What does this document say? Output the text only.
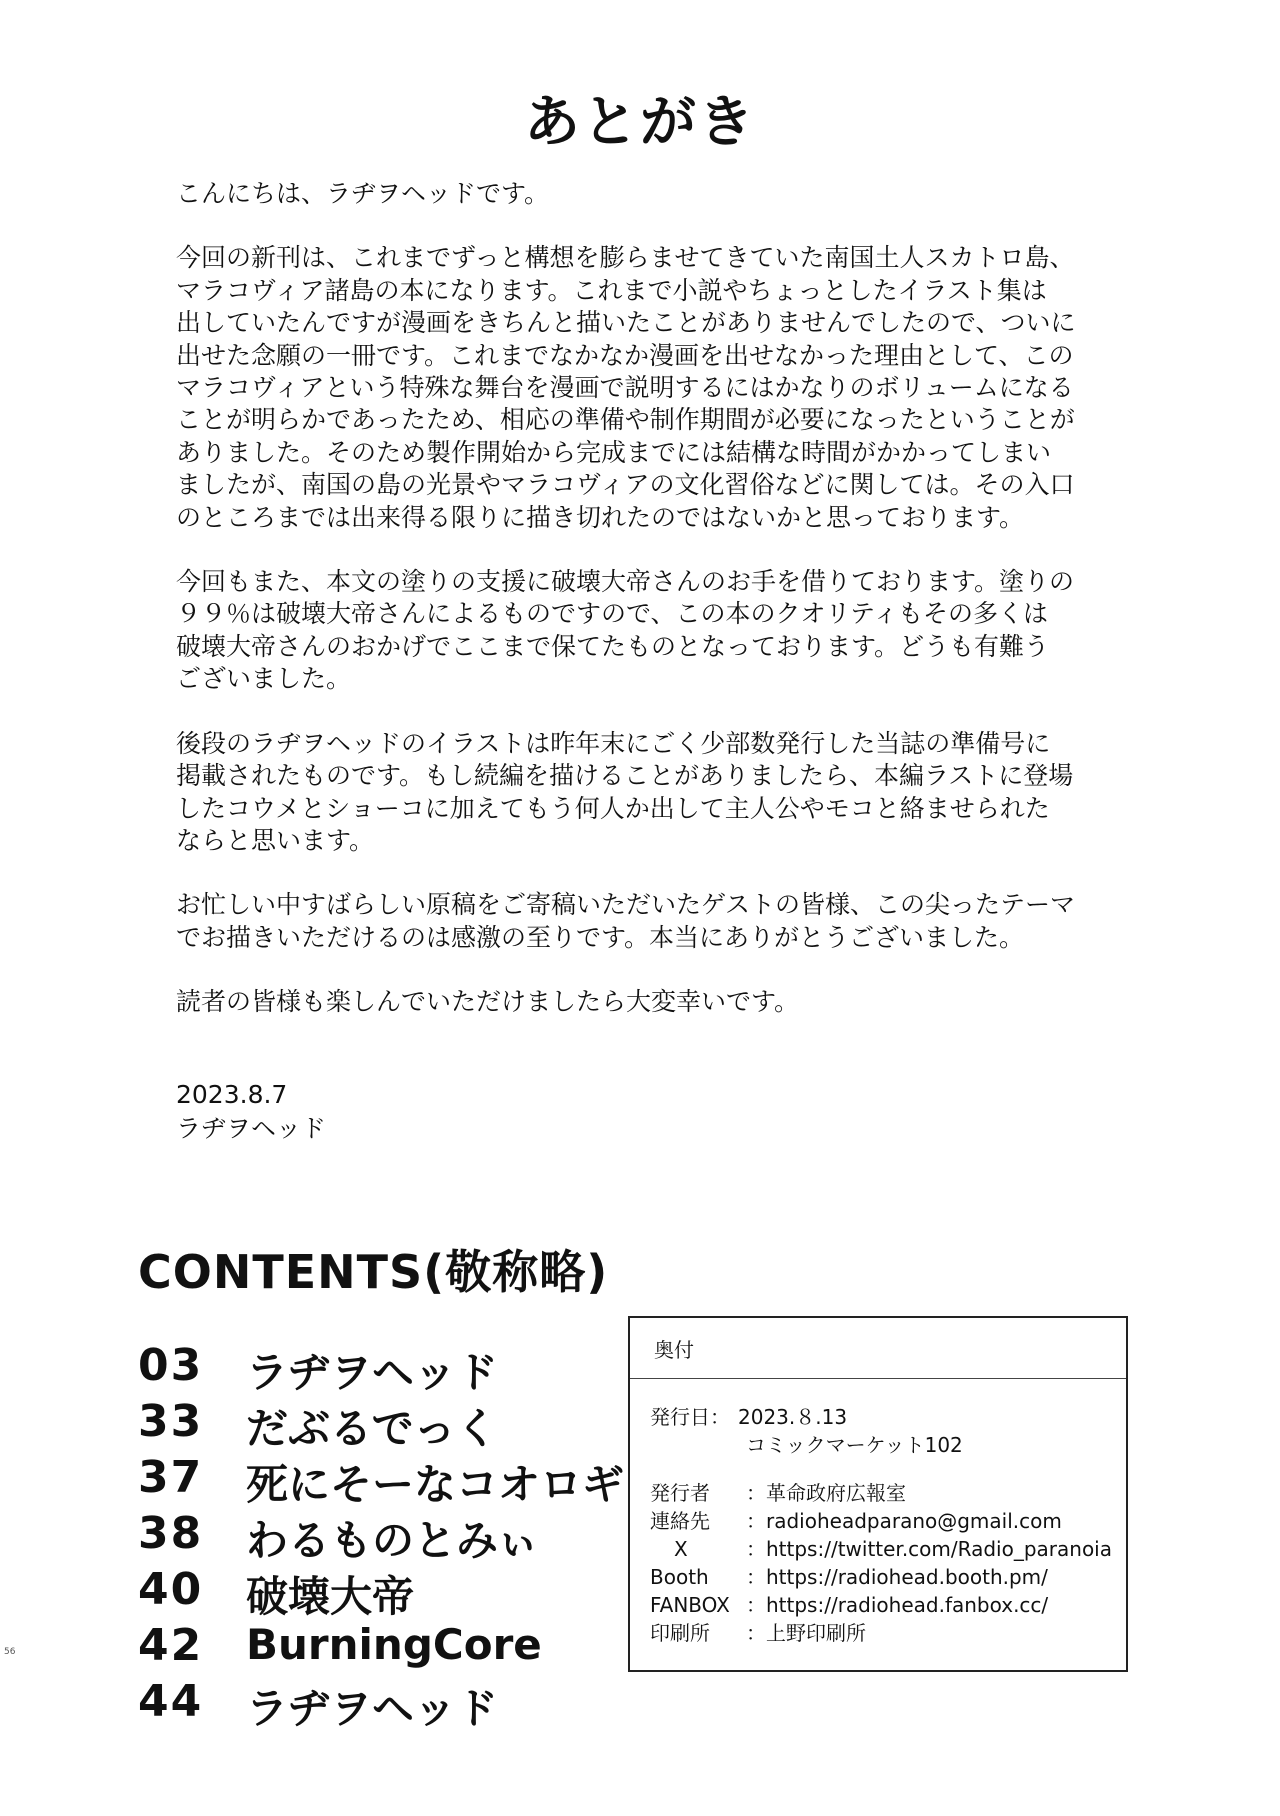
あとがき

こんにちは、ラヂヲヘッドです。

今回の新刊は、これまでずっと構想を膨らませてきていた南国土人スカトロ島、
マラコヴィア諸島の本になります。これまで小説やちょっとしたイラスト集は
出していたんですが漫画をきちんと描いたことがありませんでしたので、ついに
出せた念願の一冊です。これまでなかなか漫画を出せなかった理由として、この
マラコヴィアという特殊な舞台を漫画で説明するにはかなりのボリュームになる
ことが明らかであったため、相応の準備や制作期間が必要になったということが
ありました。そのため製作開始から完成までには結構な時間がかかってしまい
ましたが、南国の島の光景やマラコヴィアの文化習俗などに関しては。その入口
のところまでは出来得る限りに描き切れたのではないかと思っております。

今回もまた、本文の塗りの支援に破壊大帝さんのお手を借りております。塗りの
９９％は破壊大帝さんによるものですので、この本のクオリティもその多くは
破壊大帝さんのおかげでここまで保てたものとなっております。どうも有難う
ございました。

後段のラヂヲヘッドのイラストは昨年末にごく少部数発行した当誌の準備号に
掲載されたものです。もし続編を描けることがありましたら、本編ラストに登場
したコウメとショーコに加えてもう何人か出して主人公やモコと絡ませられた
ならと思います。

お忙しい中すばらしい原稿をご寄稿いただいたゲストの皆様、この尖ったテーマ
でお描きいただけるのは感激の至りです。本当にありがとうございました。

読者の皆様も楽しんでいただけましたら大変幸いです。

2023.8.7
ラヂヲヘッド
CONTENTS(敬称略)
03 ラヂヲヘッド
33 だぶるでっく
37 死にそーなコオロギ
38 わるものとみぃ
40 破壊大帝
42 BurningCore
44 ラヂヲヘッド
奥付
発行日： 2023.８.13
コミックマーケット102
発行者 ：革命政府広報室
連絡先 ：radioheadparano@gmail.com
X	：https://twitter.com/Radio_paranoia
Booth ：https://radiohead.booth.pm/
FANBOX ：https://radiohead.fanbox.cc/
印刷所 ：上野印刷所
56
